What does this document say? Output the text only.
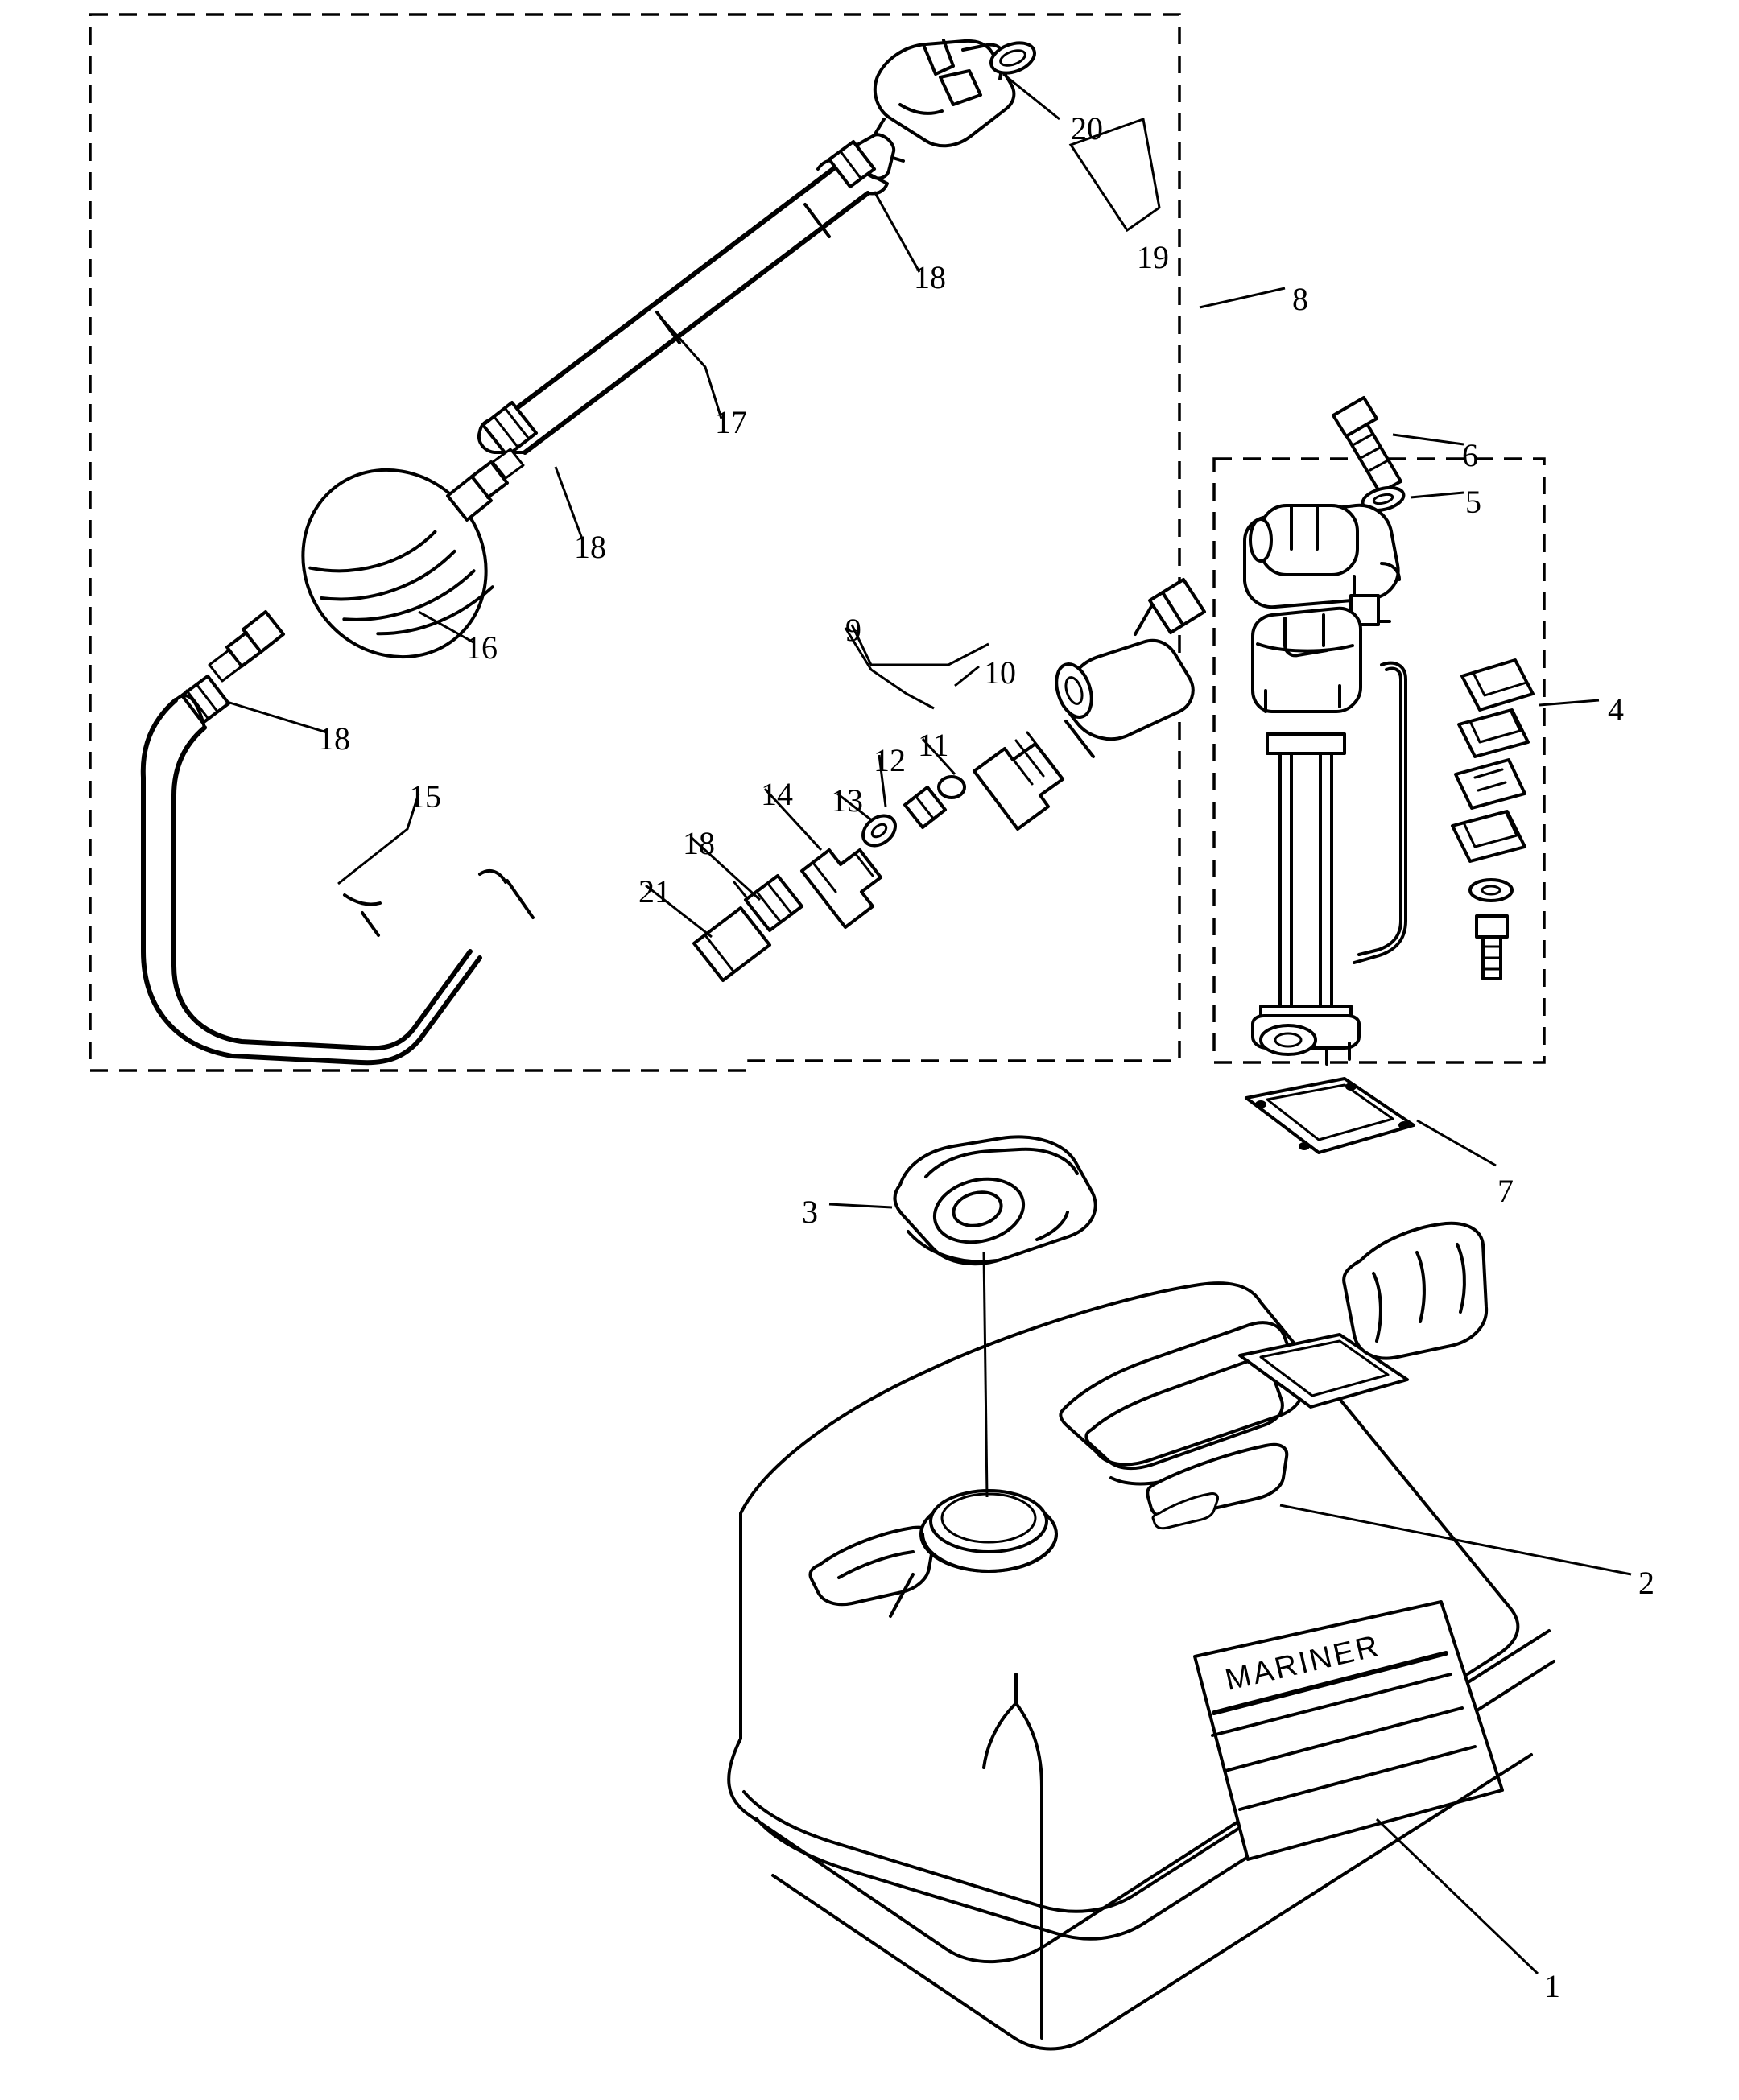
1
2
3
4
5
6
7
8
9
10
11
12
13
14
15
16
17
18
18
18
18
19
20
21
MARINER
